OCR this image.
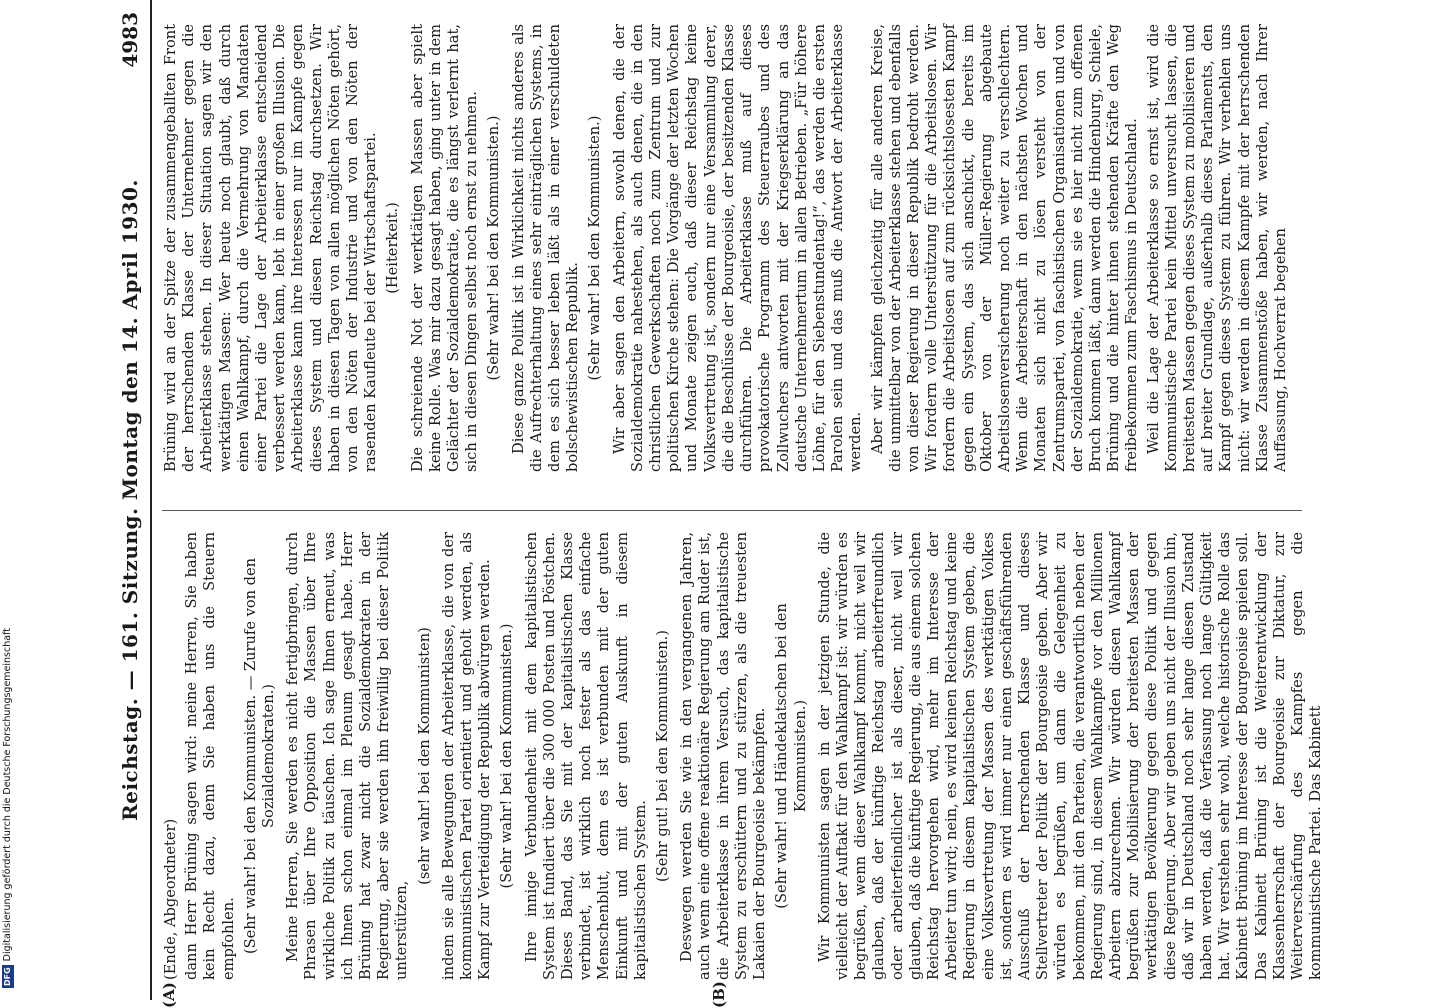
Reichstag. — 161. Sitzung. Montag den 14. April 1930.
4983
(A)	(B)

(Ende, Abgeordneter) dann Herr Brüning sagen wird: meine Herren, Sie haben kein Recht dazu, denn Sie haben uns die Steuern empfohlen. (Sehr wahr! bei den Kommunisten. — Zurufe von den Sozialdemokraten.) Meine Herren, Sie werden es nicht fertigbringen, durch Phrasen über Ihre Opposition die Massen über Ihre wirkliche Politik zu täuschen. Ich sage Ihnen erneut, was ich Ihnen schon einmal im Plenum gesagt habe. Herr Brüning hat zwar nicht die Sozialdemokraten in der Regierung, aber sie werden ihn freiwillig bei dieser Politik unterstützen,

(sehr wahr! bei den Kommunisten) indem sie alle Bewegungen der Arbeiterklasse, die von der kommunistischen Partei orientiert und geholt werden, als Kampf zur Verteidigung der Republik abwürgen werden. (Sehr wahr! bei den Kommunisten.) Ihre innige Verbundenheit mit dem kapitalistischen System ist fundiert über die 300 000 Posten und Pöstchen. Dieses Band, das Sie mit der kapitalistischen Klasse verbindet, ist wirklich noch fester als das einfache Menschenblut, denn es ist verbunden mit der guten Einkunft und mit der guten Auskunft in diesem kapitalistischen System.

(Sehr gut! bei den Kommunisten.) Deswegen werden Sie wie in den vergangenen Jahren, auch wenn eine offene reaktionäre Regierung am Ruder ist, die Arbeiterklasse in ihrem Versuch, das kapitalistische System zu erschüttern und zu stürzen, als die treuesten Lakaien der Bourgeoisie bekämpfen. (Sehr wahr! und Händeklatschen bei den Kommunisten.) Wir Kommunisten sagen in der jetzigen Stunde, die vielleicht der Auftakt für den Wahlkampf ist: wir würden es begrüßen, wenn dieser Wahlkampf kommt, nicht weil wir glauben, daß der künftige Reichstag arbeiterfreundlich oder arbeiterfeindlicher ist als dieser, nicht weil wir glauben, daß die künftige Regierung, die aus einem solchen Reichstag hervorgehen wird, mehr im Interesse der Arbeiter tun wird; nein, es wird keinen Reichstag und keine Regierung in diesem kapitalistischen System geben, die eine Volksvertretung der Massen des werktätigen Volkes ist, sondern es wird immer nur einen geschäftsführenden Ausschuß der herrschenden Klasse und dieses Stellvertreter der Politik der Bourgeoisie geben. Aber wir würden es begrüßen, um dann die Gelegenheit zu bekommen, mit den Parteien, die verantwortlich neben der Regierung sind, in diesem Wahlkampfe vor den Millionen Arbeitern abzurechnen. Wir würden diesen Wahlkampf begrüßen zur Mobilisierung der breitesten Massen der werktätigen Bevölkerung gegen diese Politik und gegen diese Regierung. Aber wir geben uns nicht der Illusion hin, daß wir in Deutschland noch sehr lange diesen Zustand haben werden, daß die Verfassung noch lange Gültigkeit hat. Wir verstehen sehr wohl, welche historische Rolle das Kabinett Brüning im Interesse der Bourgeoisie spielen soll. Das Kabinett Brüning ist die Weiterentwicklung der Klassenherrschaft der Bourgeoisie zur Diktatur, zur Weiterverschärfung des Kampfes gegen die kommunistische Partei. Das Kabinett

Brüning wird an der Spitze der zusammengeballten Front der herrschenden Klasse der Unternehmer gegen die Arbeiterklasse stehen. In dieser Situation sagen wir den werktätigen Massen: Wer heute noch glaubt, daß durch einen Wahlkampf, durch die Vermehrung von Mandaten einer Partei die Lage der Arbeiterklasse entscheidend verbessert werden kann, lebt in einer großen Illusion. Die Arbeiterklasse kann ihre Interessen nur im Kampfe gegen dieses System und diesen Reichstag durchsetzen. Wir haben in diesen Tagen von allen möglichen Nöten gehört, von den Nöten der Industrie und von den Nöten der rasenden Kaufleute bei der Wirtschaftspartei. (Heiterkeit.) Die schreiende Not der werktätigen Massen aber spielt keine Rolle. Was mir dazu gesagt haben, ging unter in dem Gelächter der Sozialdemokratie, die es längst verlernt hat, sich in diesen Dingen selbst noch ernst zu nehmen. (Sehr wahr! bei den Kommunisten.) Diese ganze Politik ist in Wirklichkeit nichts anderes als die Aufrechterhaltung eines sehr einträglichen Systems, in dem es sich besser leben läßt als in einer verschuldeten bolschewistischen Republik. (Sehr wahr! bei den Kommunisten.) Wir aber sagen den Arbeitern, sowohl denen, die der Sozialdemokratie nahestehen, als auch denen, die in den christlichen Gewerkschaften noch zum Zentrum und zur politischen Kirche stehen: Die Vorgänge der letzten Wochen und Monate zeigen euch, daß dieser Reichstag keine Volksvertretung ist, sondern nur eine Versammlung derer, die die Beschlüsse der Bourgeoisie, der besitzenden Klasse durchführen. Die Arbeiterklasse muß auf dieses provokatorische Programm des Steuerraubes und des Zollwuchers antworten mit der Kriegserklärung an das deutsche Unternehmertum in allen Betrieben. „Für höhere Löhne, für den Siebenstundentag!“, das werden die ersten Parolen sein und das muß die Antwort der Arbeiterklasse werden. Aber wir kämpfen gleichzeitig für alle anderen Kreise, die unmittelbar von der Arbeiterklasse stehen und ebenfalls von dieser Regierung in dieser Republik bedroht werden. Wir fordern volle Unterstützung für die Arbeitslosen. Wir fordern die Arbeitslosen auf zum rücksichtslosesten Kampf gegen ein System, das sich anschickt, die bereits im Oktober von der Müller-Regierung abgebaute Arbeitslosenversicherung noch weiter zu verschlechtern. Wenn die Arbeiterschaft in den nächsten Wochen und Monaten sich nicht zu lösen versteht von der Zentrumspartei, von faschistischen Organisationen und von der Sozialdemokratie, wenn sie es hier nicht zum offenen Bruch kommen läßt, dann werden die Hindenburg, Schiele, Brüning und die hinter ihnen stehenden Kräfte den Weg freibekommen zum Faschismus in Deutschland. Weil die Lage der Arbeiterklasse so ernst ist, wird die Kommunistische Partei kein Mittel unversucht lassen, die breitesten Massen gegen dieses System zu mobilisieren und auf breiter Grundlage, außerhalb dieses Parlaments, den Kampf gegen dieses System zu führen. Wir verhehlen uns nicht: wir werden in diesem Kampfe mit der herrschenden Klasse Zusammenstöße haben, wir werden, nach Ihrer Auffassung, Hochverrat begehen

DFGDigitalisierung gefördert durch die Deutsche Forschungsgemeinschaft
